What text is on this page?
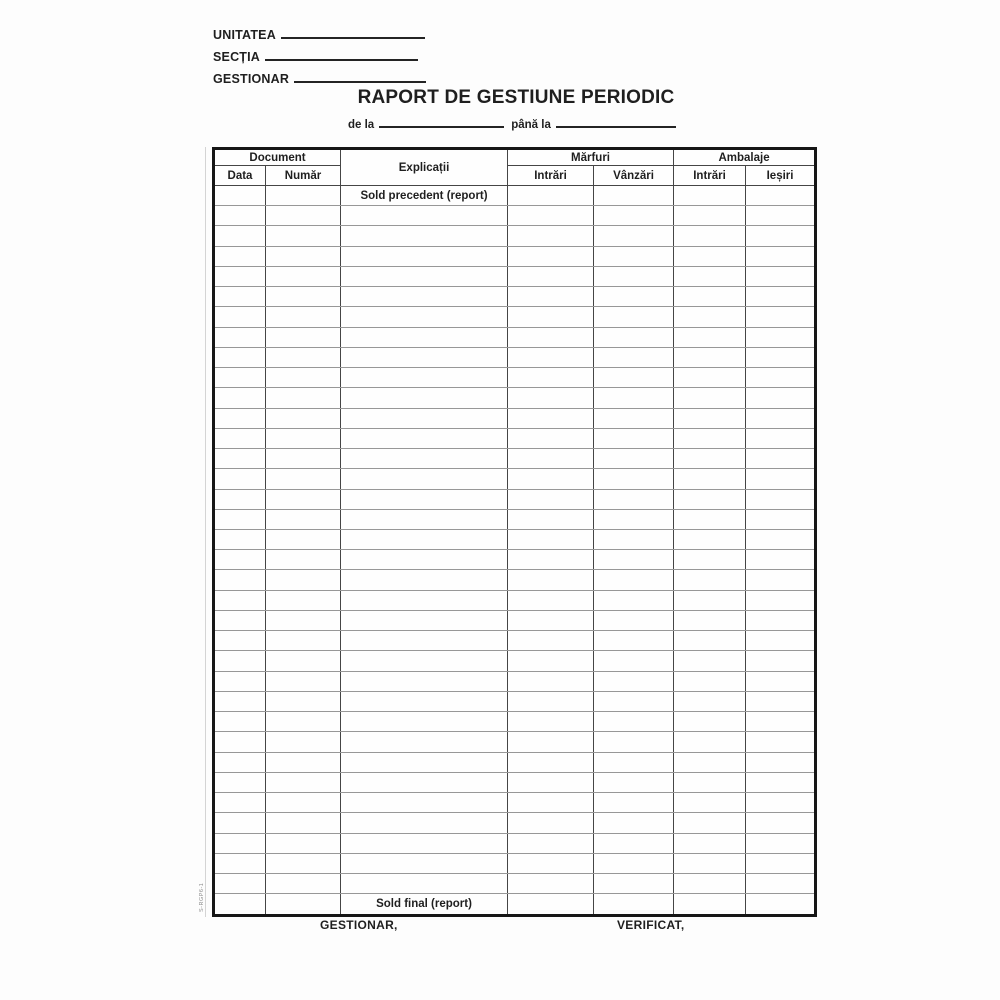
UNITATEA
SECȚIA
GESTIONAR
RAPORT DE GESTIUNE PERIODIC
de la	până la
Document		Explicații	Mărfuri		Ambalaje	
Data	Număr		Intrări	Vânzări	Intrări	Ieșiri
		Sold precedent (report)				

		Sold final (report)				
GESTIONAR,	VERIFICAT,
S-RGP6-1
